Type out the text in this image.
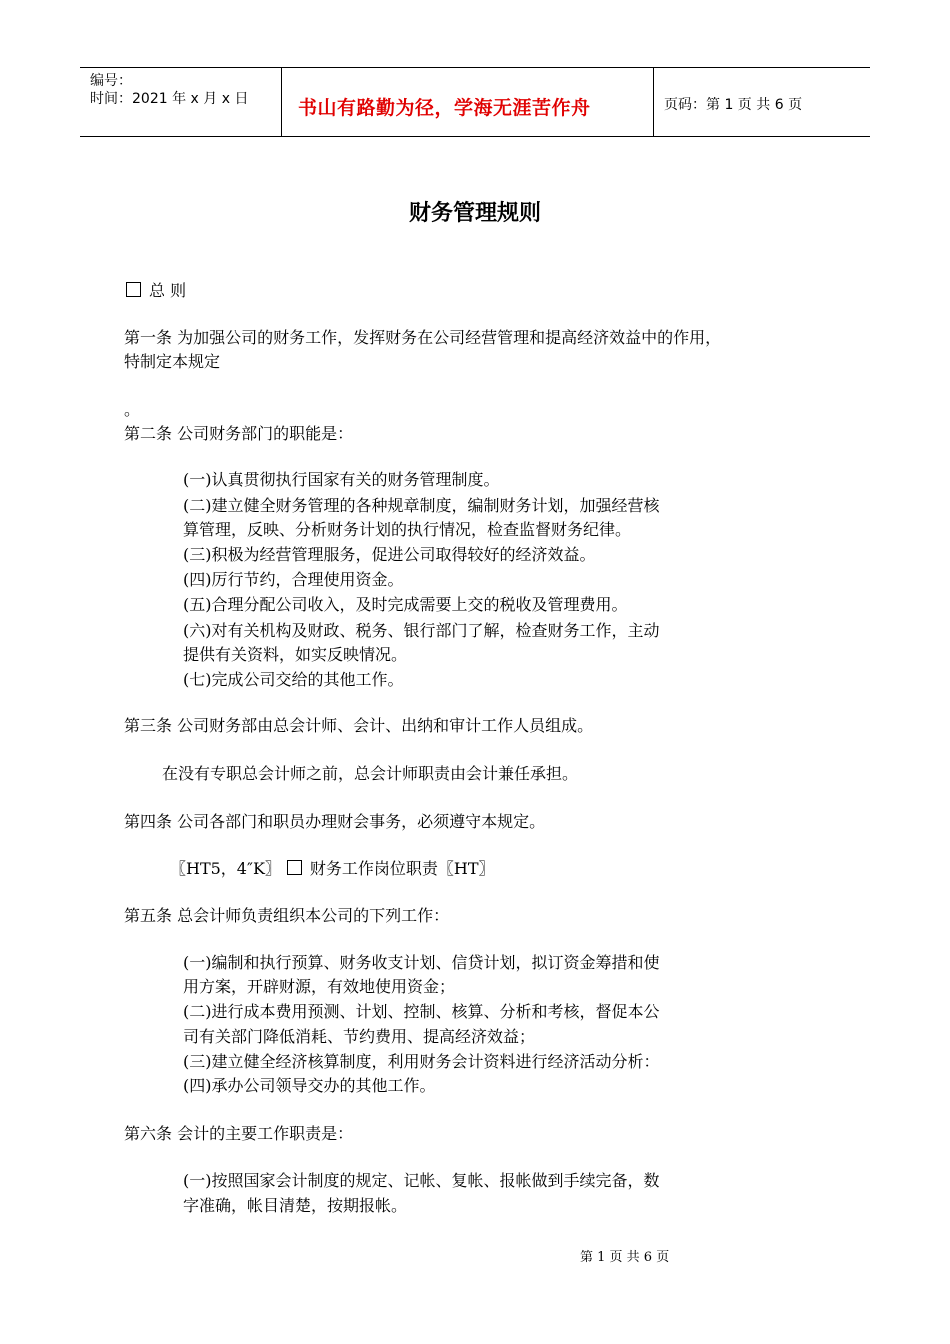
编号：
时间：2021 年 x 月 x 日	书山有路勤为径，学海无涯苦作舟	页码：第 1 页 共 6 页
财务管理规则
总 则
第一条 为加强公司的财务工作，发挥财务在公司经营管理和提高经济效益中的作用，
特制定本规定
。
第二条 公司财务部门的职能是：
(一)认真贯彻执行国家有关的财务管理制度。
(二)建立健全财务管理的各种规章制度，编制财务计划，加强经营核
算管理，反映、分析财务计划的执行情况，检查监督财务纪律。
(三)积极为经营管理服务，促进公司取得较好的经济效益。
(四)厉行节约，合理使用资金。
(五)合理分配公司收入，及时完成需要上交的税收及管理费用。
(六)对有关机构及财政、税务、银行部门了解，检查财务工作，主动
提供有关资料，如实反映情况。
(七)完成公司交给的其他工作。
第三条 公司财务部由总会计师、会计、出纳和审计工作人员组成。
在没有专职总会计师之前，总会计师职责由会计兼任承担。
第四条 公司各部门和职员办理财会事务，必须遵守本规定。
〖HT5，4″K〗 财务工作岗位职责〖HT〗
第五条 总会计师负责组织本公司的下列工作：
(一)编制和执行预算、财务收支计划、信贷计划，拟订资金筹措和使
用方案，开辟财源，有效地使用资金；
(二)进行成本费用预测、计划、控制、核算、分析和考核，督促本公
司有关部门降低消耗、节约费用、提高经济效益；
(三)建立健全经济核算制度，利用财务会计资料进行经济活动分析：
(四)承办公司领导交办的其他工作。
第六条 会计的主要工作职责是：
(一)按照国家会计制度的规定、记帐、复帐、报帐做到手续完备，数
字准确，帐目清楚，按期报帐。
第 1 页 共 6 页
